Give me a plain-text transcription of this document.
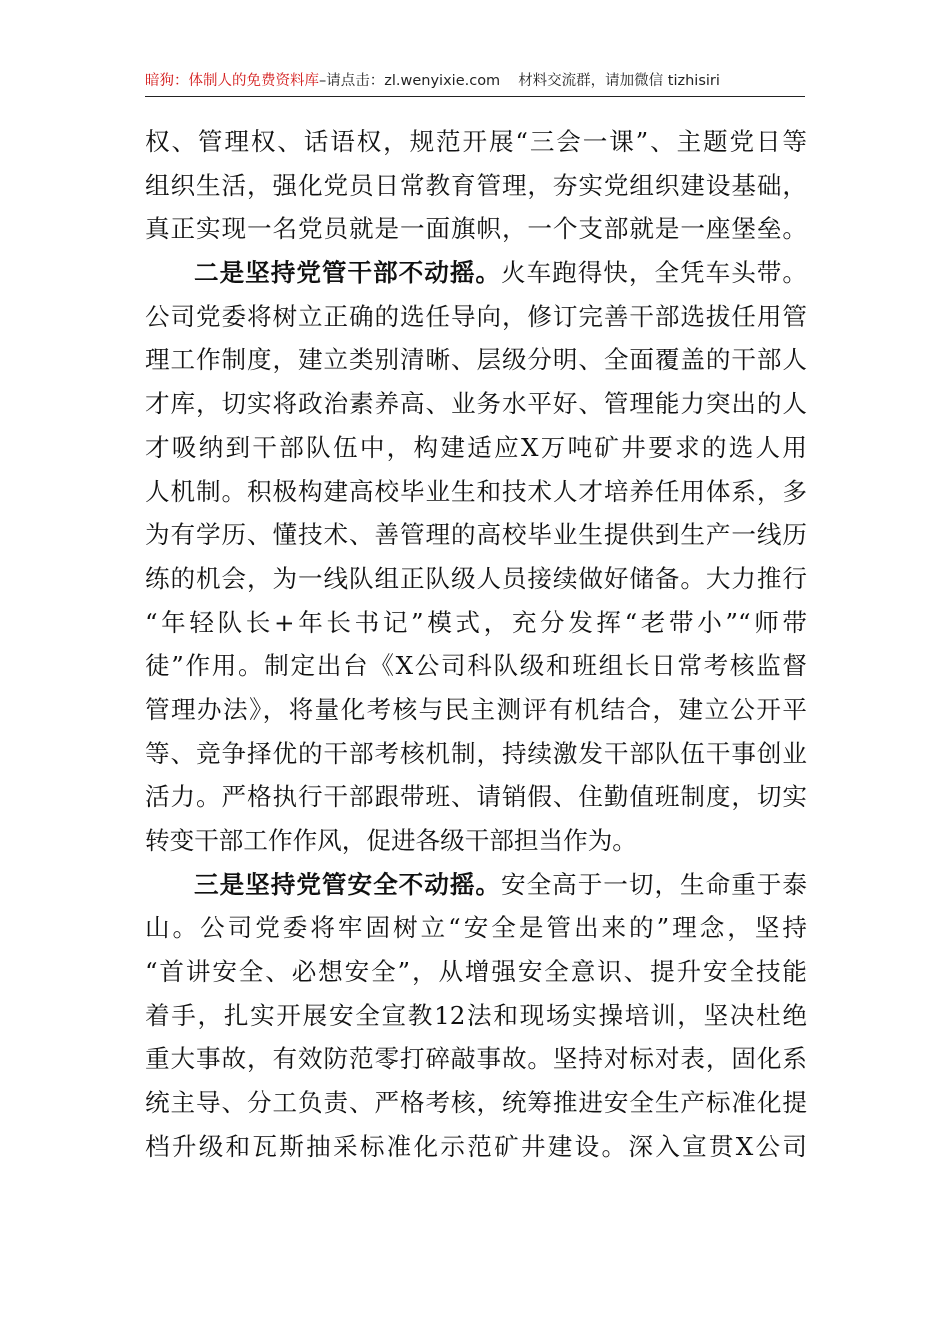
暗狗：体制人的免费资料库–请点击：zl.wenyixie.com 材料交流群，请加微信 tizhisiri
权、管理权、话语权，规范开展“三会一课”、主题党日等
组织生活，强化党员日常教育管理，夯实党组织建设基础，
真正实现一名党员就是一面旗帜，一个支部就是一座堡垒。
二是坚持党管干部不动摇。火车跑得快，全凭车头带。
公司党委将树立正确的选任导向，修订完善干部选拔任用管
理工作制度，建立类别清晰、层级分明、全面覆盖的干部人
才库，切实将政治素养高、业务水平好、管理能力突出的人
才吸纳到干部队伍中，构建适应X万吨矿井要求的选人用
人机制。积极构建高校毕业生和技术人才培养任用体系，多
为有学历、懂技术、善管理的高校毕业生提供到生产一线历
练的机会，为一线队组正队级人员接续做好储备。大力推行
“年轻队长+年长书记”模式，充分发挥“老带小”“师带
徒”作用。制定出台《X公司科队级和班组长日常考核监督
管理办法》，将量化考核与民主测评有机结合，建立公开平
等、竞争择优的干部考核机制，持续激发干部队伍干事创业
活力。严格执行干部跟带班、请销假、住勤值班制度，切实
转变干部工作作风，促进各级干部担当作为。
三是坚持党管安全不动摇。安全高于一切，生命重于泰
山。公司党委将牢固树立“安全是管出来的”理念，坚持
“首讲安全、必想安全”，从增强安全意识、提升安全技能
着手，扎实开展安全宣教12法和现场实操培训，坚决杜绝
重大事故，有效防范零打碎敲事故。坚持对标对表，固化系
统主导、分工负责、严格考核，统筹推进安全生产标准化提
档升级和瓦斯抽采标准化示范矿井建设。深入宣贯X公司
